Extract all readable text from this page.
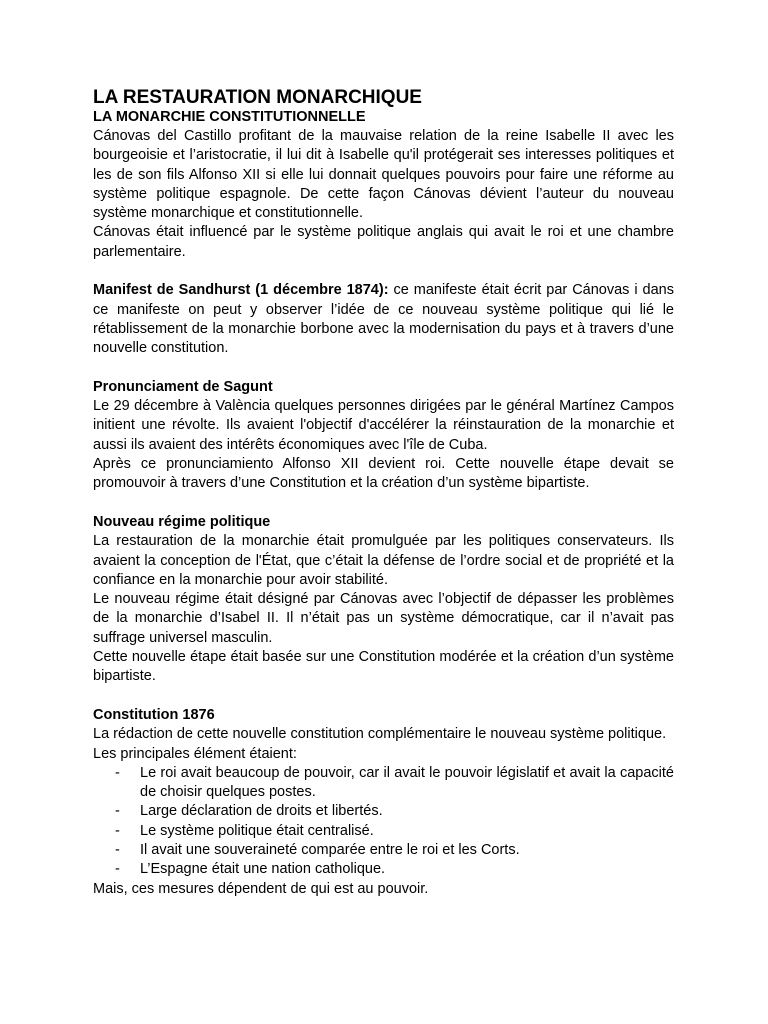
LA RESTAURATION MONARCHIQUE
LA MONARCHIE CONSTITUTIONNELLE

Cánovas del Castillo profitant de la mauvaise relation de la reine Isabelle II avec les bourgeoisie et l’aristocratie, il lui dit à Isabelle qu'il protégerait ses interesses politiques et les de son fils Alfonso XII si elle lui donnait quelques pouvoirs pour faire une réforme au système politique espagnole. De cette façon Cánovas dévient l’auteur du nouveau système monarchique et constitutionnelle.

Cánovas était influencé par le système politique anglais qui avait le roi et une chambre parlementaire.

Manifest de Sandhurst (1 décembre 1874): ce manifeste était écrit par Cánovas i dans ce manifeste on peut y observer l’idée de ce nouveau système politique qui lié le rétablissement de la monarchie borbone avec la modernisation du pays et à travers d’une nouvelle constitution.

Pronunciament de Sagunt

Le 29 décembre à València quelques personnes dirigées par le général Martínez Campos initient une révolte. Ils avaient l'objectif d'accélérer la réinstauration de la monarchie et aussi ils avaient des intérêts économiques avec l'île de Cuba.

Après ce pronunciamiento Alfonso XII devient roi. Cette nouvelle étape devait se promouvoir à travers d’une Constitution et la création d’un système bipartiste.

Nouveau régime politique

La restauration de la monarchie était promulguée par les politiques conservateurs. Ils avaient la conception de l'État, que c’était la défense de l’ordre social et de propriété et la confiance en la monarchie pour avoir stabilité.

Le nouveau régime était désigné par Cánovas avec l’objectif de dépasser les problèmes de la monarchie d’Isabel II. Il n’était pas un système démocratique, car il n’avait pas suffrage universel masculin.

Cette nouvelle étape était basée sur une Constitution modérée et la création d’un système bipartiste.

Constitution 1876

La rédaction de cette nouvelle constitution complémentaire le nouveau système politique.

Les principales élément étaient:

- Le roi avait beaucoup de pouvoir, car il avait le pouvoir législatif et avait la capacité de choisir quelques postes.
- Large déclaration de droits et libertés.
- Le système politique était centralisé.
- Il avait une souveraineté comparée entre le roi et les Corts.
- L’Espagne était une nation catholique.

Mais, ces mesures dépendent de qui est au pouvoir.
